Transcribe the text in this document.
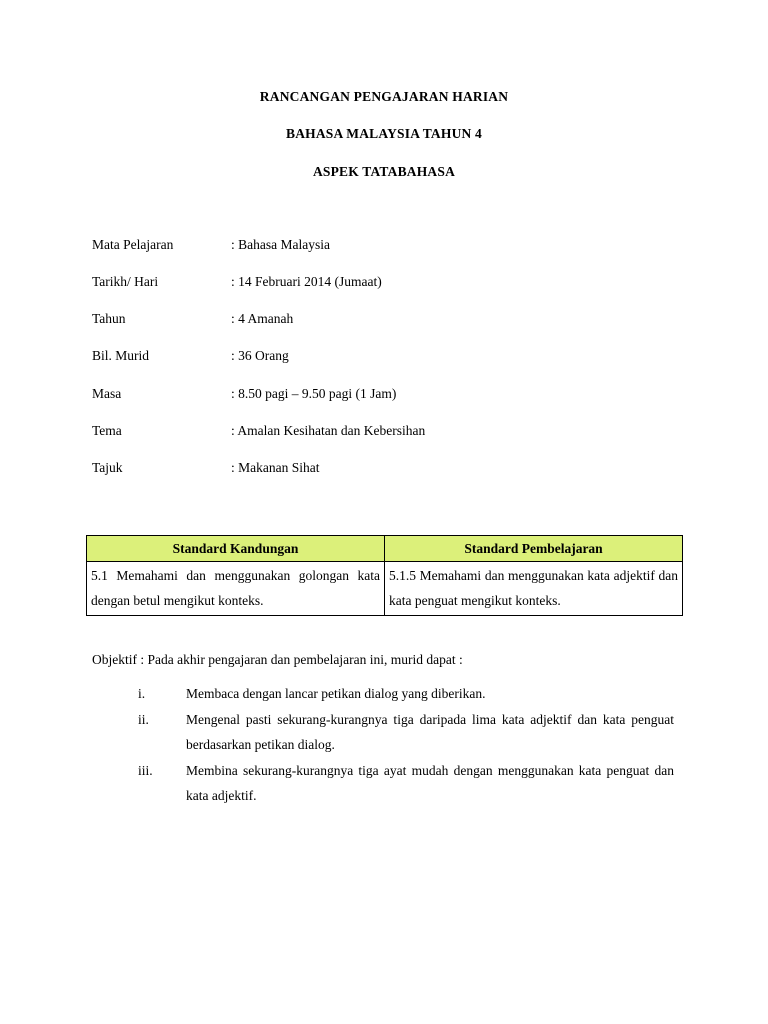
RANCANGAN PENGAJARAN HARIAN
BAHASA MALAYSIA TAHUN 4
ASPEK TATABAHASA
Mata Pelajaran	: Bahasa Malaysia
Tarikh/ Hari	: 14 Februari 2014 (Jumaat)
Tahun	: 4 Amanah
Bil. Murid	: 36 Orang
Masa	: 8.50 pagi – 9.50 pagi (1 Jam)
Tema	: Amalan Kesihatan dan Kebersihan
Tajuk	: Makanan Sihat
Standard Kandungan	Standard Pembelajaran
5.1 Memahami dan menggunakan golongan kata dengan betul mengikut konteks.	5.1.5 Memahami dan menggunakan kata adjektif dan kata penguat mengikut konteks.
Objektif : Pada akhir pengajaran dan pembelajaran ini, murid dapat :
i.	Membaca dengan lancar petikan dialog yang diberikan.
ii.	Mengenal pasti sekurang-kurangnya tiga daripada lima kata adjektif dan kata penguat berdasarkan petikan dialog.
iii. Membina sekurang-kurangnya tiga ayat mudah dengan menggunakan kata penguat dan kata adjektif.
